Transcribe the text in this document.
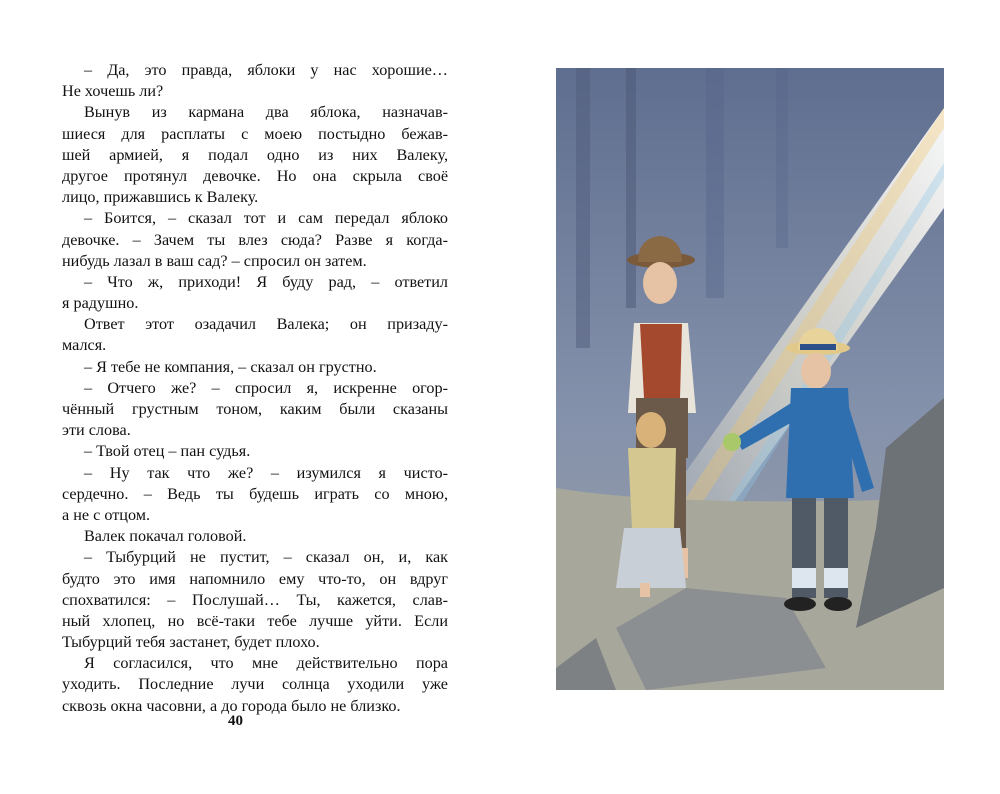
– Да, это правда, яблоки у нас хорошие…
Не хочешь ли?
Вынув из кармана два яблока, назначав-
шиеся для расплаты с моею постыдно бежав-
шей армией, я подал одно из них Валеку,
другое протянул девочке. Но она скрыла своё
лицо, прижавшись к Валеку.
– Боится, – сказал тот и сам передал яблоко
девочке. – Зачем ты влез сюда? Разве я когда-
нибудь лазал в ваш сад? – спросил он затем.
– Что ж, приходи! Я буду рад, – ответил
я радушно.
Ответ этот озадачил Валека; он призаду-
мался.
– Я тебе не компания, – сказал он грустно.
– Отчего же? – спросил я, искренне огор-
чённый грустным тоном, каким были сказаны
эти слова.
– Твой отец – пан судья.
– Ну так что же? – изумился я чисто-
сердечно. – Ведь ты будешь играть со мною,
а не с отцом.
Валек покачал головой.
– Тыбурций не пустит, – сказал он, и, как
будто это имя напомнило ему что-то, он вдруг
спохватился: – Послушай… Ты, кажется, слав-
ный хлопец, но всё-таки тебе лучше уйти. Если
Тыбурций тебя застанет, будет плохо.
Я согласился, что мне действительно пора
уходить. Последние лучи солнца уходили уже
сквозь окна часовни, а до города было не близко.
40
